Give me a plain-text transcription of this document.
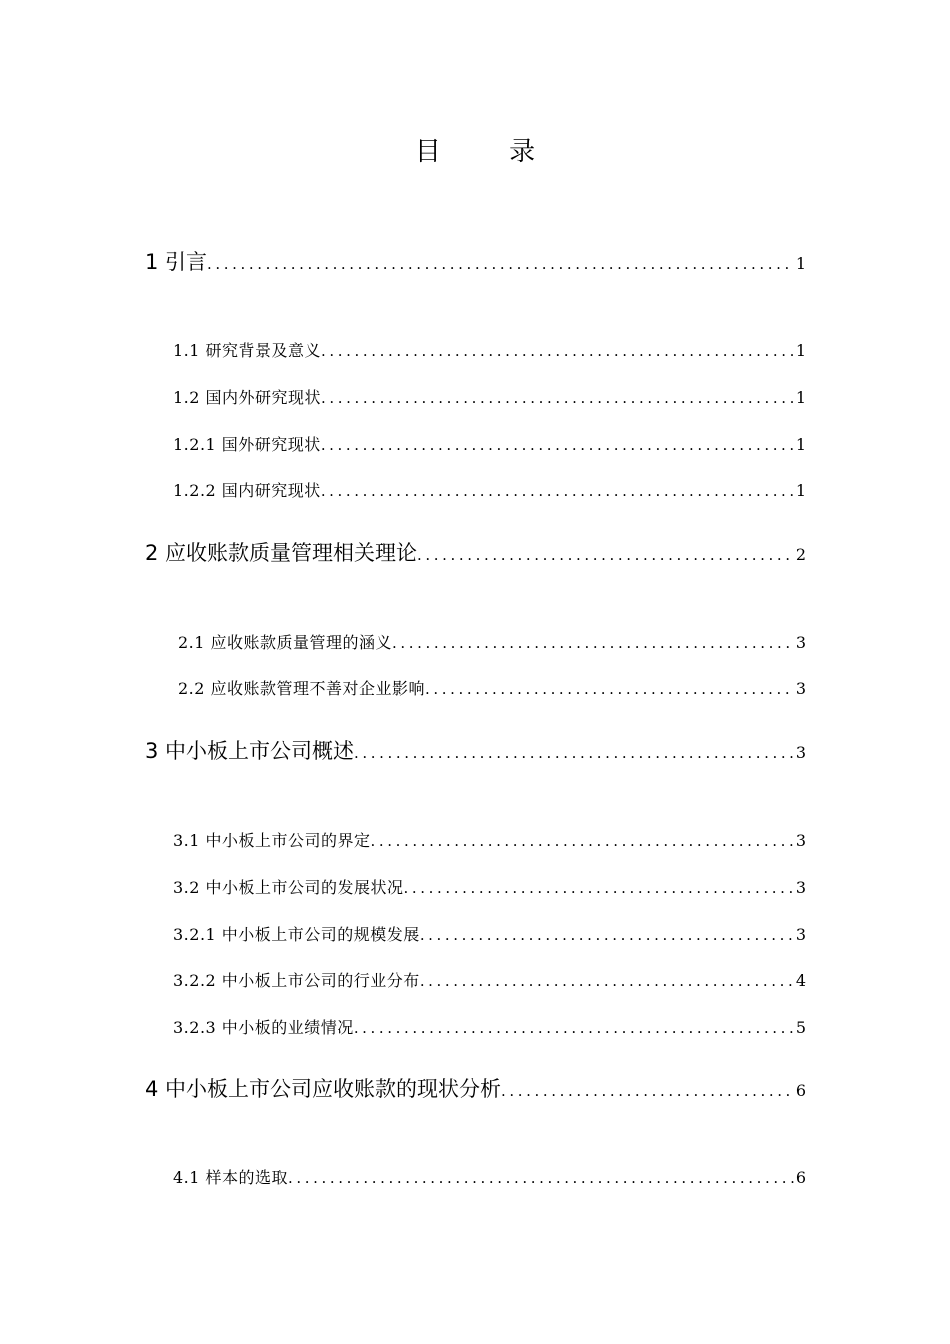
目 录
1 引言 .....	1
1.1 研究背景及意义 .....	1
1.2 国内外研究现状 .....	1
1.2.1 国外研究现状 .....	1
1.2.2 国内研究现状 .....	1
2 应收账款质量管理相关理论 .....	2
2.1 应收账款质量管理的涵义 .....	3
2.2 应收账款管理不善对企业影响 .....	3
3 中小板上市公司概述 .....	3
3.1 中小板上市公司的界定 .....	3
3.2 中小板上市公司的发展状况 .....	3
3.2.1 中小板上市公司的规模发展 .....	3
3.2.2 中小板上市公司的行业分布 .....	4
3.2.3 中小板的业绩情况 .....	5
4 中小板上市公司应收账款的现状分析 .....	6
4.1 样本的选取 .....	6
